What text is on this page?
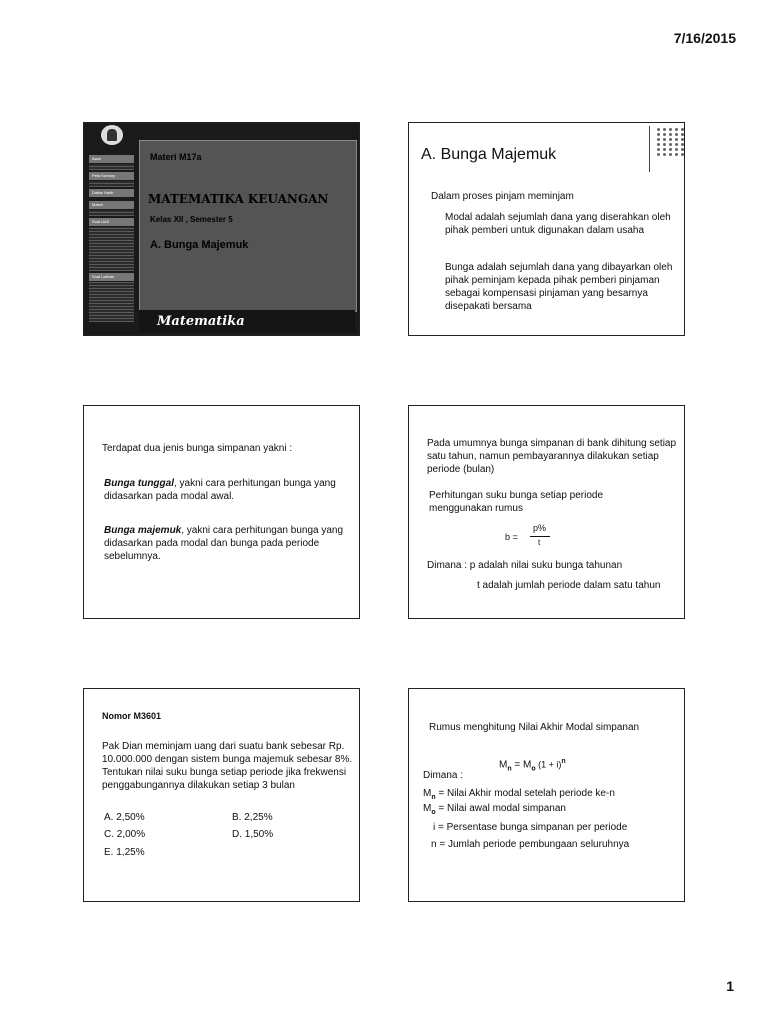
7/16/2015
Awal
Peta Konsep
Daftar Hadir
Materi
Soal UAS
Soal Latihan
Materi M17a
MATEMATIKA KEUANGAN
Kelas XII , Semester 5
A. Bunga Majemuk
Matematika
A. Bunga Majemuk
Dalam proses pinjam meminjam
Modal adalah sejumlah dana yang diserahkan oleh pihak pemberi untuk digunakan dalam usaha
Bunga adalah sejumlah dana yang dibayarkan oleh pihak peminjam kepada pihak pemberi pinjaman sebagai kompensasi pinjaman yang besarnya disepakati bersama
Terdapat dua jenis bunga simpanan yakni :
Bunga tunggal, yakni cara perhitungan bunga yang didasarkan pada modal awal.
Bunga majemuk, yakni cara perhitungan bunga yang didasarkan pada modal dan bunga pada periode sebelumnya.
Pada umumnya bunga simpanan di bank dihitung setiap satu tahun, namun pembayarannya dilakukan setiap periode (bulan)
Perhitungan suku bunga setiap periode menggunakan rumus
b =
p%
t
Dimana : p adalah nilai suku bunga tahunan
t adalah jumlah periode dalam satu tahun
Nomor M3601
Pak Dian meminjam uang dari suatu bank sebesar Rp. 10.000.000 dengan sistem bunga majemuk sebesar 8%. Tentukan nilai suku bunga setiap periode jika frekwensi penggabungannya dilakukan setiap 3 bulan
A. 2,50%	B. 2,25%
C. 2,00%	D. 1,50%
E. 1,25%
Rumus menghitung Nilai Akhir Modal simpanan
$M_n = M_o$ $(1 + i)^n$
Dimana :
$M_n$ = Nilai Akhir modal setelah periode ke-n
$M_o$ = Nilai awal modal simpanan
i = Persentase bunga simpanan per periode
n = Jumlah periode pembungaan seluruhnya
1
